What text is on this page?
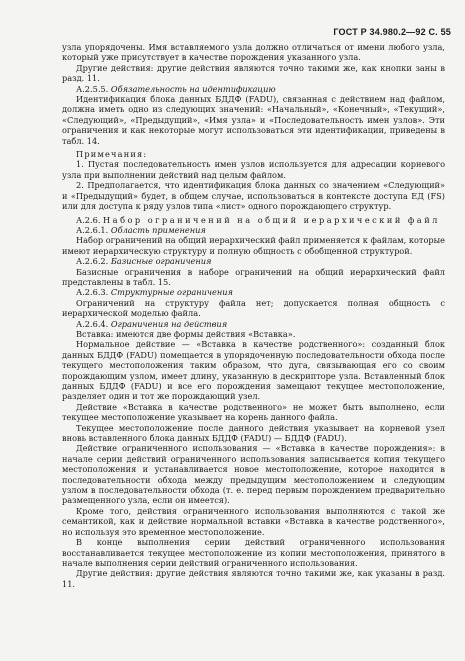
ГОСТ Р 34.980.2—92 С. 55

узла упорядочены. Имя вставляемого узла должно отличаться от имени любого узла, который уже присутствует в качестве порождения указанного узла.

Другие действия: другие действия являются точно такими же, как кнопки заны в разд. 11.

А.2.5.5. Обязательность на идентификацию

Идентификация блока данных БДДФ (FADU), связанная с действием над файлом, должна иметь одно из следующих значений: «Начальный», «Конечный», «Текущий», «Следующий», «Предыдущий», «Имя узла» и «Последовательность имен узлов». Эти ограничения и как некоторые могут использоваться эти идентификации, приведены в табл. 14.

Примечания:

1. Пустая последовательность имен узлов используется для адресации корневого узла при выполнении действий над целым файлом.

2. Предполагается, что идентификация блока данных со значением «Следующий» и «Предыдущий» будет, в общем случае, использоваться в контексте доступа ЕД (FS) или для доступа к ряду узлов типа «лист» одного порождающего структур.

А.2.6. Набор ограничений на общий иерархический файл

А.2.6.1. Область применения

Набор ограничений на общий иерархический файл применяется к файлам, которые имеют иерархическую структуру и полную общность с обобщенной структурой.

А.2.6.2. Базисные ограничения

Базисные ограничения в наборе ограничений на общий иерархический файл представлены в табл. 15.

А.2.6.3. Структурные ограничения

Ограничений на структуру файла нет; допускается полная общность с иерархической моделью файла.

А.2.6.4. Ограничения на действия

Вставка: имеются две формы действия «Вставка».

Нормальное действие — «Вставка в качестве родственного»: созданный блок данных БДДФ (FADU) помещается в упорядоченную последовательности обхода после текущего местоположения таким образом, что дуга, связывающая его со своим порождающим узлом, имеет длину, указанную в дескрипторе узла. Вставленный блок данных БДДФ (FADU) и все его порождения замещают текущее местоположение, разделяет один и тот же порождающий узел.

Действие «Вставка в качестве родственного» не может быть выполнено, если текущее местоположение указывает на корень данного файла.

Текущее местоположение после данного действия указывает на корневой узел вновь вставленного блока данных БДДФ (FADU) — БДДФ (FADU).

Действие ограниченного использования — «Вставка в качестве порождения»: в начале серии действий ограниченного использования записывается копия текущего местоположения и устанавливается новое местоположение, которое находится в последовательности обхода между предыдущим местоположением и следующим узлом в последовательности обхода (т. е. перед первым порождением предварительно размещенного узла, если он имеется).

Кроме того, действия ограниченного использования выполняются с такой же семантикой, как и действие нормальной вставки «Вставка в качестве родственного», но используя это временное местоположение.

В конце выполнения серии действий ограниченного использования восстанавливается текущее местоположение из копии местоположения, принятого в начале выполнения серии действий ограниченного использования.

Другие действия: другие действия являются точно такими же, как указаны в разд. 11.
